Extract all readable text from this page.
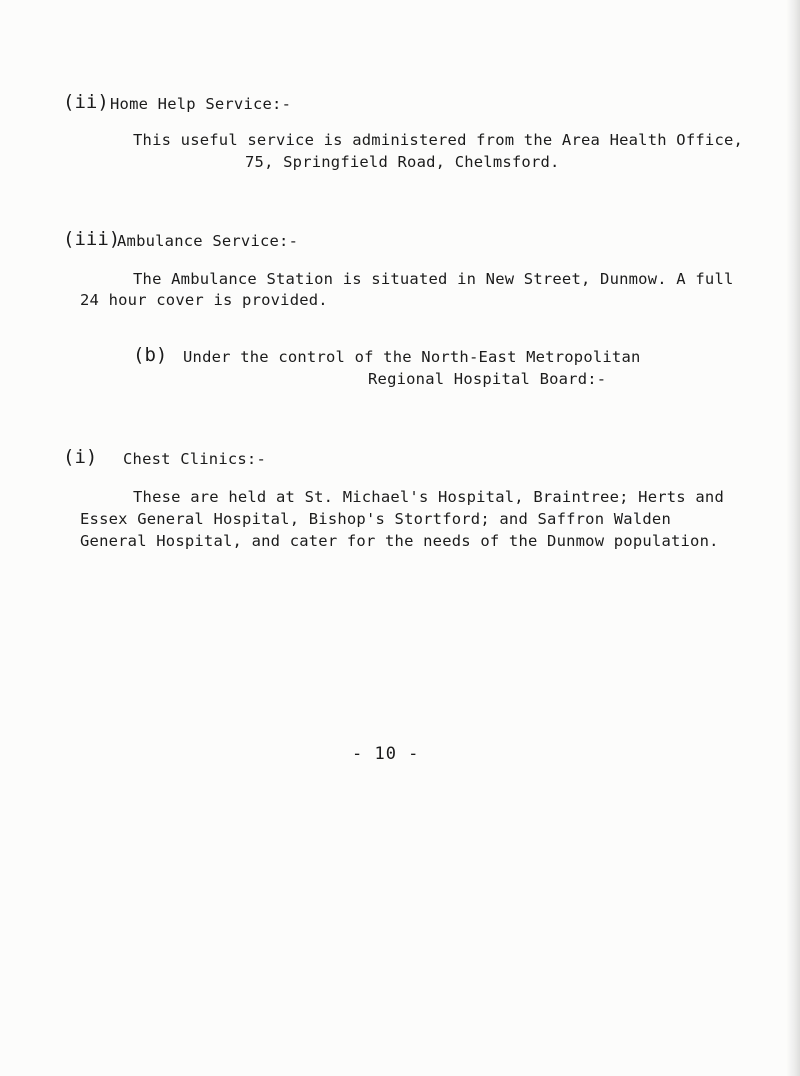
(ii) Home Help Service:-
This useful service is administered from the Area Health Office,
75, Springfield Road, Chelmsford.
(iii)
Ambulance Service:-
The Ambulance Station is situated in New Street, Dunmow. A full
24 hour cover is provided.
(b) Under the control of the North-East Metropolitan
Regional Hospital Board:-
(i) Chest Clinics:-
These are held at St. Michael's Hospital, Braintree; Herts and
Essex General Hospital, Bishop's Stortford; and Saffron Walden
General Hospital, and cater for the needs of the Dunmow population.
- 10 -
